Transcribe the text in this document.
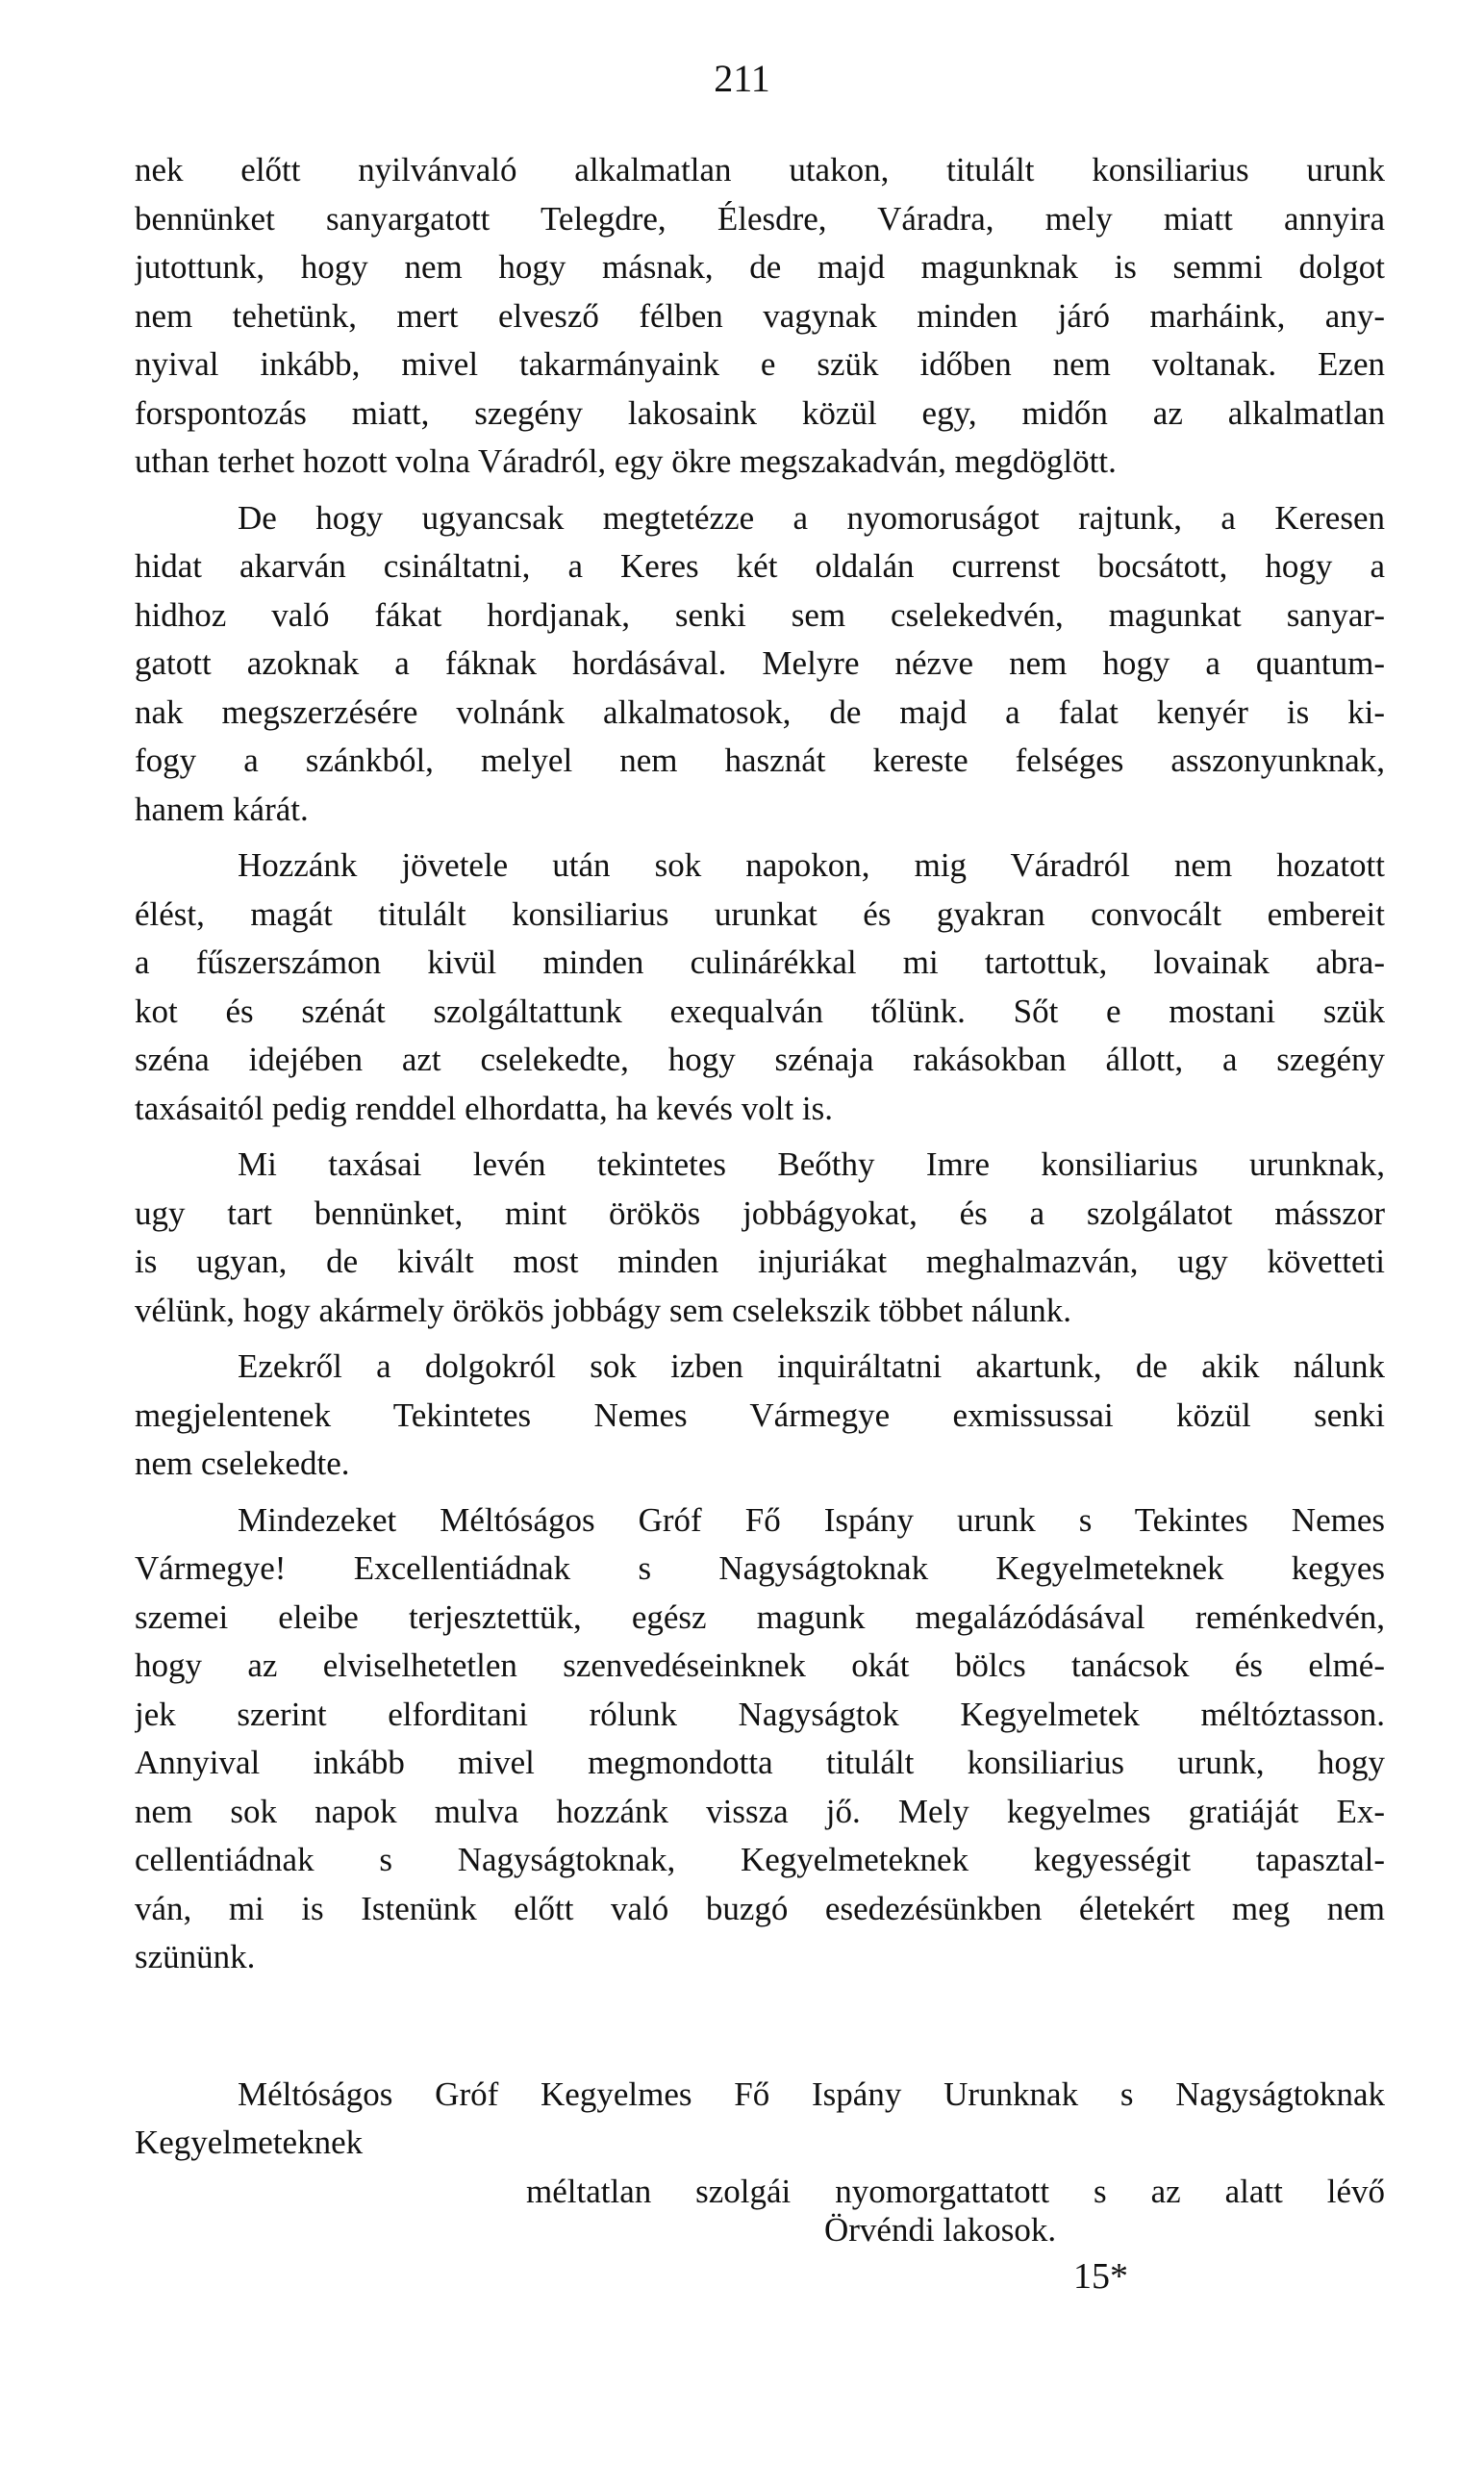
211
nek előtt nyilvánvaló alkalmatlan utakon, titulált konsiliarius urunk
bennünket sanyargatott Telegdre, Élesdre, Váradra, mely miatt annyira
jutottunk, hogy nem hogy másnak, de majd magunknak is semmi dolgot
nem tehetünk, mert elvesző félben vagynak minden járó marháink, any-
nyival inkább, mivel takarmányaink e szük időben nem voltanak. Ezen
forspontozás miatt, szegény lakosaink közül egy, midőn az alkalmatlan
uthan terhet hozott volna Váradról, egy ökre megszakadván, megdöglött.
De hogy ugyancsak megtetézze a nyomoruságot rajtunk, a Keresen
hidat akarván csináltatni, a Keres két oldalán currenst bocsátott, hogy a
hidhoz való fákat hordjanak, senki sem cselekedvén, magunkat sanyar-
gatott azoknak a fáknak hordásával. Melyre nézve nem hogy a quantum-
nak megszerzésére volnánk alkalmatosok, de majd a falat kenyér is ki-
fogy a szánkból, melyel nem hasznát kereste felséges asszonyunknak,
hanem kárát.
Hozzánk jövetele után sok napokon, mig Váradról nem hozatott
élést, magát titulált konsiliarius urunkat és gyakran convocált embereit
a fűszerszámon kivül minden culinárékkal mi tartottuk, lovainak abra-
kot és szénát szolgáltattunk exequalván tőlünk. Sőt e mostani szük
széna idejében azt cselekedte, hogy szénaja rakásokban állott, a szegény
taxásaitól pedig renddel elhordatta, ha kevés volt is.
Mi taxásai levén tekintetes Beőthy Imre konsiliarius urunknak,
ugy tart bennünket, mint örökös jobbágyokat, és a szolgálatot másszor
is ugyan, de kivált most minden injuriákat meghalmazván, ugy követteti
vélünk, hogy akármely örökös jobbágy sem cselekszik többet nálunk.
Ezekről a dolgokról sok izben inquiráltatni akartunk, de akik nálunk
megjelentenek Tekintetes Nemes Vármegye exmissussai közül senki
nem cselekedte.
Mindezeket Méltóságos Gróf Fő Ispány urunk s Tekintes Nemes
Vármegye! Excellentiádnak s Nagyságtoknak Kegyelmeteknek kegyes
szemei eleibe terjesztettük, egész magunk megalázódásával reménkedvén,
hogy az elviselhetetlen szenvedéseinknek okát bölcs tanácsok és elmé-
jek szerint elforditani rólunk Nagyságtok Kegyelmetek méltóztasson.
Annyival inkább mivel megmondotta titulált konsiliarius urunk, hogy
nem sok napok mulva hozzánk vissza jő. Mely kegyelmes gratiáját Ex-
cellentiádnak s Nagyságtoknak, Kegyelmeteknek kegyességit tapasztal-
ván, mi is Istenünk előtt való buzgó esedezésünkben életekért meg nem
szününk.
Méltóságos Gróf Kegyelmes Fő Ispány Urunknak s Nagyságtoknak
Kegyelmeteknek
méltatlan szolgái nyomorgattatott s az alatt lévő
Örvéndi lakosok.
15*
